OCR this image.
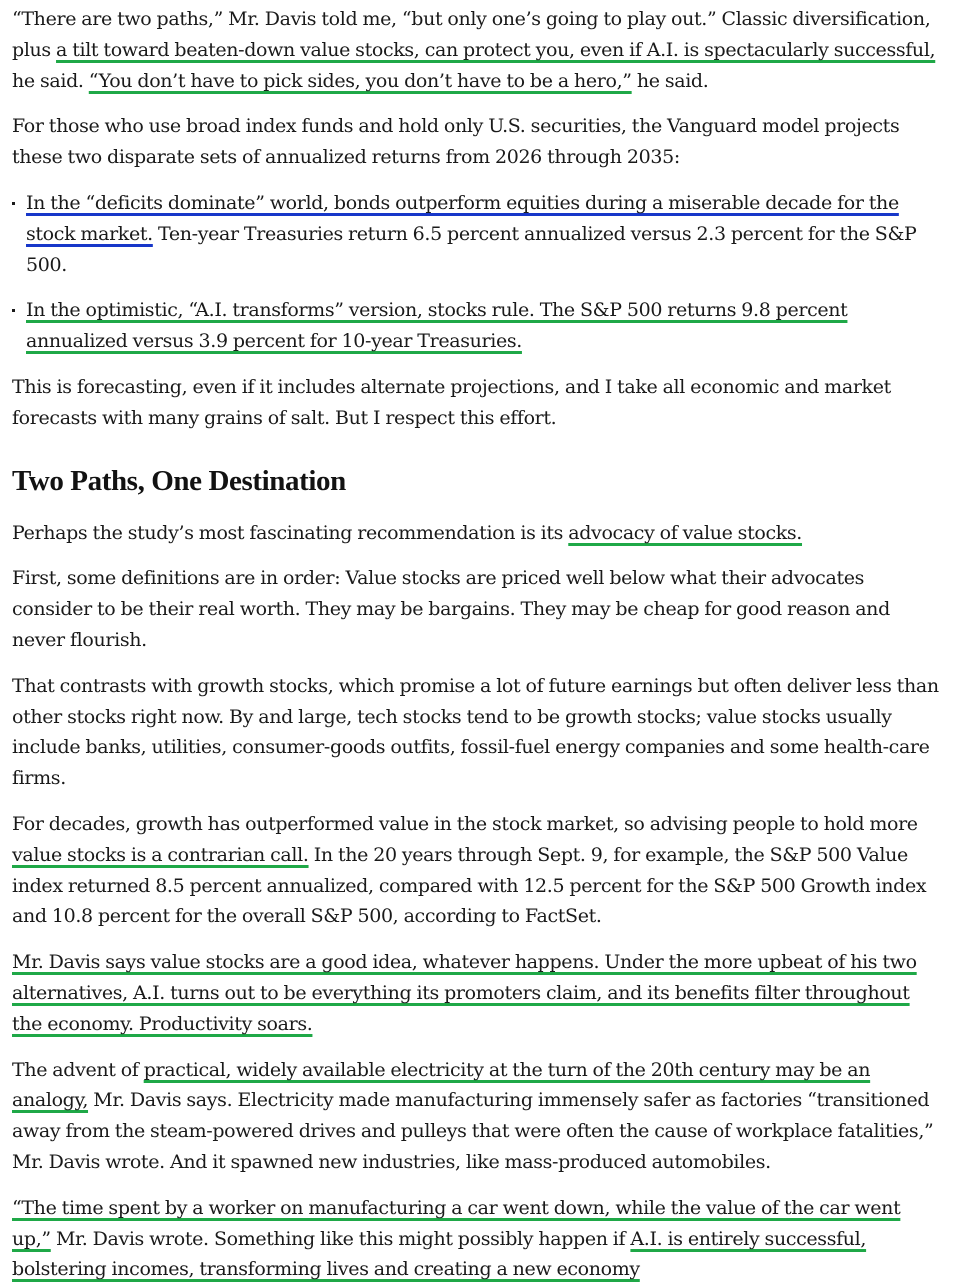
“There are two paths,” Mr. Davis told me, “but only one’s going to play out.” Classic diversification, plus a tilt toward beaten-down value stocks, can protect you, even if A.I. is spectacularly successful, he said. “You don’t have to pick sides, you don’t have to be a hero,” he said.

For those who use broad index funds and hold only U.S. securities, the Vanguard model projects these two disparate sets of annualized returns from 2026 through 2035:

In the “deficits dominate” world, bonds outperform equities during a miserable decade for the stock market. Ten-year Treasuries return 6.5 percent annualized versus 2.3 percent for the S&P 500.
In the optimistic, “A.I. transforms” version, stocks rule. The S&P 500 returns 9.8 percent annualized versus 3.9 percent for 10-year Treasuries.

This is forecasting, even if it includes alternate projections, and I take all economic and market forecasts with many grains of salt. But I respect this effort.

Two Paths, One Destination

Perhaps the study’s most fascinating recommendation is its advocacy of value stocks.

First, some definitions are in order: Value stocks are priced well below what their advocates consider to be their real worth. They may be bargains. They may be cheap for good reason and never flourish.

That contrasts with growth stocks, which promise a lot of future earnings but often deliver less than other stocks right now. By and large, tech stocks tend to be growth stocks; value stocks usually include banks, utilities, consumer-goods outfits, fossil-fuel energy companies and some health-care firms.

For decades, growth has outperformed value in the stock market, so advising people to hold more value stocks is a contrarian call. In the 20 years through Sept. 9, for example, the S&P 500 Value index returned 8.5 percent annualized, compared with 12.5 percent for the S&P 500 Growth index and 10.8 percent for the overall S&P 500, according to FactSet.

Mr. Davis says value stocks are a good idea, whatever happens. Under the more upbeat of his two alternatives, A.I. turns out to be everything its promoters claim, and its benefits filter throughout the economy. Productivity soars.

The advent of practical, widely available electricity at the turn of the 20th century may be an analogy, Mr. Davis says. Electricity made manufacturing immensely safer as factories “transitioned away from the steam-powered drives and pulleys that were often the cause of workplace fatalities,” Mr. Davis wrote. And it spawned new industries, like mass-produced automobiles.

“The time spent by a worker on manufacturing a car went down, while the value of the car went up,” Mr. Davis wrote. Something like this might possibly happen if A.I. is entirely successful, bolstering incomes, transforming lives and creating a new economy
